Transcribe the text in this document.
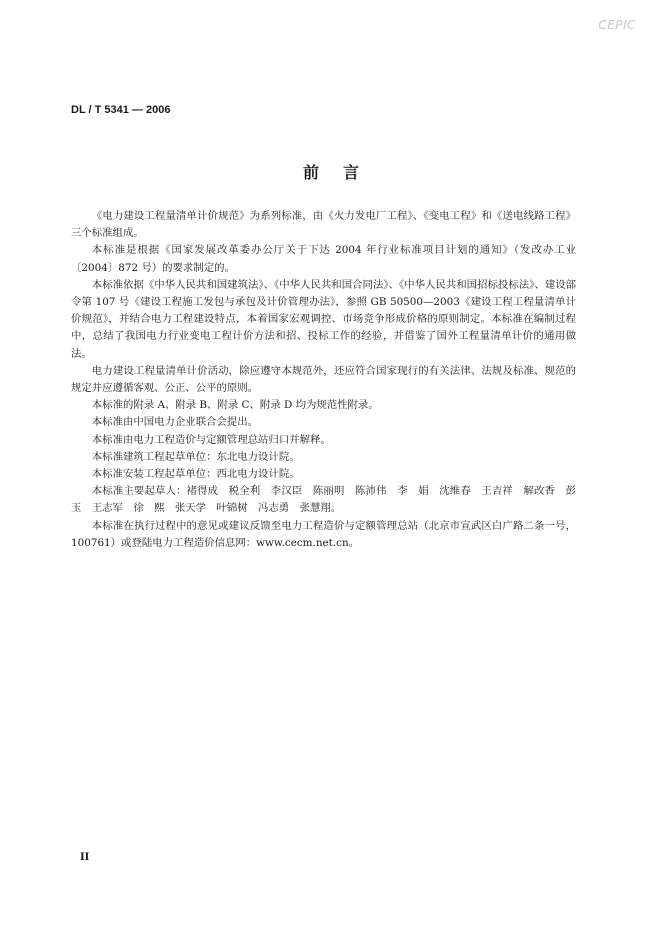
CEPIC
DL / T 5341 — 2006
前言

《电力建设工程量清单计价规范》为系列标准，由《火力发电厂工程》、《变电工程》和《送电线路工程》三个标准组成。

本标准是根据《国家发展改革委办公厅关于下达 2004 年行业标准项目计划的通知》（发改办工业〔2004〕872 号）的要求制定的。

本标准依据《中华人民共和国建筑法》、《中华人民共和国合同法》、《中华人民共和国招标投标法》、建设部令第 107 号《建设工程施工发包与承包及计价管理办法》，参照 GB 50500—2003《建设工程工程量清单计价规范》，并结合电力工程建设特点，本着国家宏观调控、市场竞争形成价格的原则制定。本标准在编制过程中，总结了我国电力行业变电工程计价方法和招、投标工作的经验，并借鉴了国外工程量清单计价的通用做法。

电力建设工程量清单计价活动，除应遵守本规范外，还应符合国家现行的有关法律、法规及标准、规范的规定并应遵循客观、公正、公平的原则。

本标准的附录 A、附录 B、附录 C、附录 D 均为规范性附录。

本标准由中国电力企业联合会提出。

本标准由电力工程造价与定额管理总站归口并解释。

本标准建筑工程起草单位：东北电力设计院。

本标准安装工程起草单位：西北电力设计院。

本标准主要起草人：褚得成　税全利　李汉臣　陈丽明　陈沛伟　李　娟　沈维春　王吉祥　解改香　彭　玉　王志军　徐　熙　张天学　叶锦树　冯志勇　张慧翔。

本标准在执行过程中的意见或建议反馈至电力工程造价与定额管理总站（北京市宣武区白广路二条一号，100761）或登陆电力工程造价信息网：www.cecm.net.cn。

II
